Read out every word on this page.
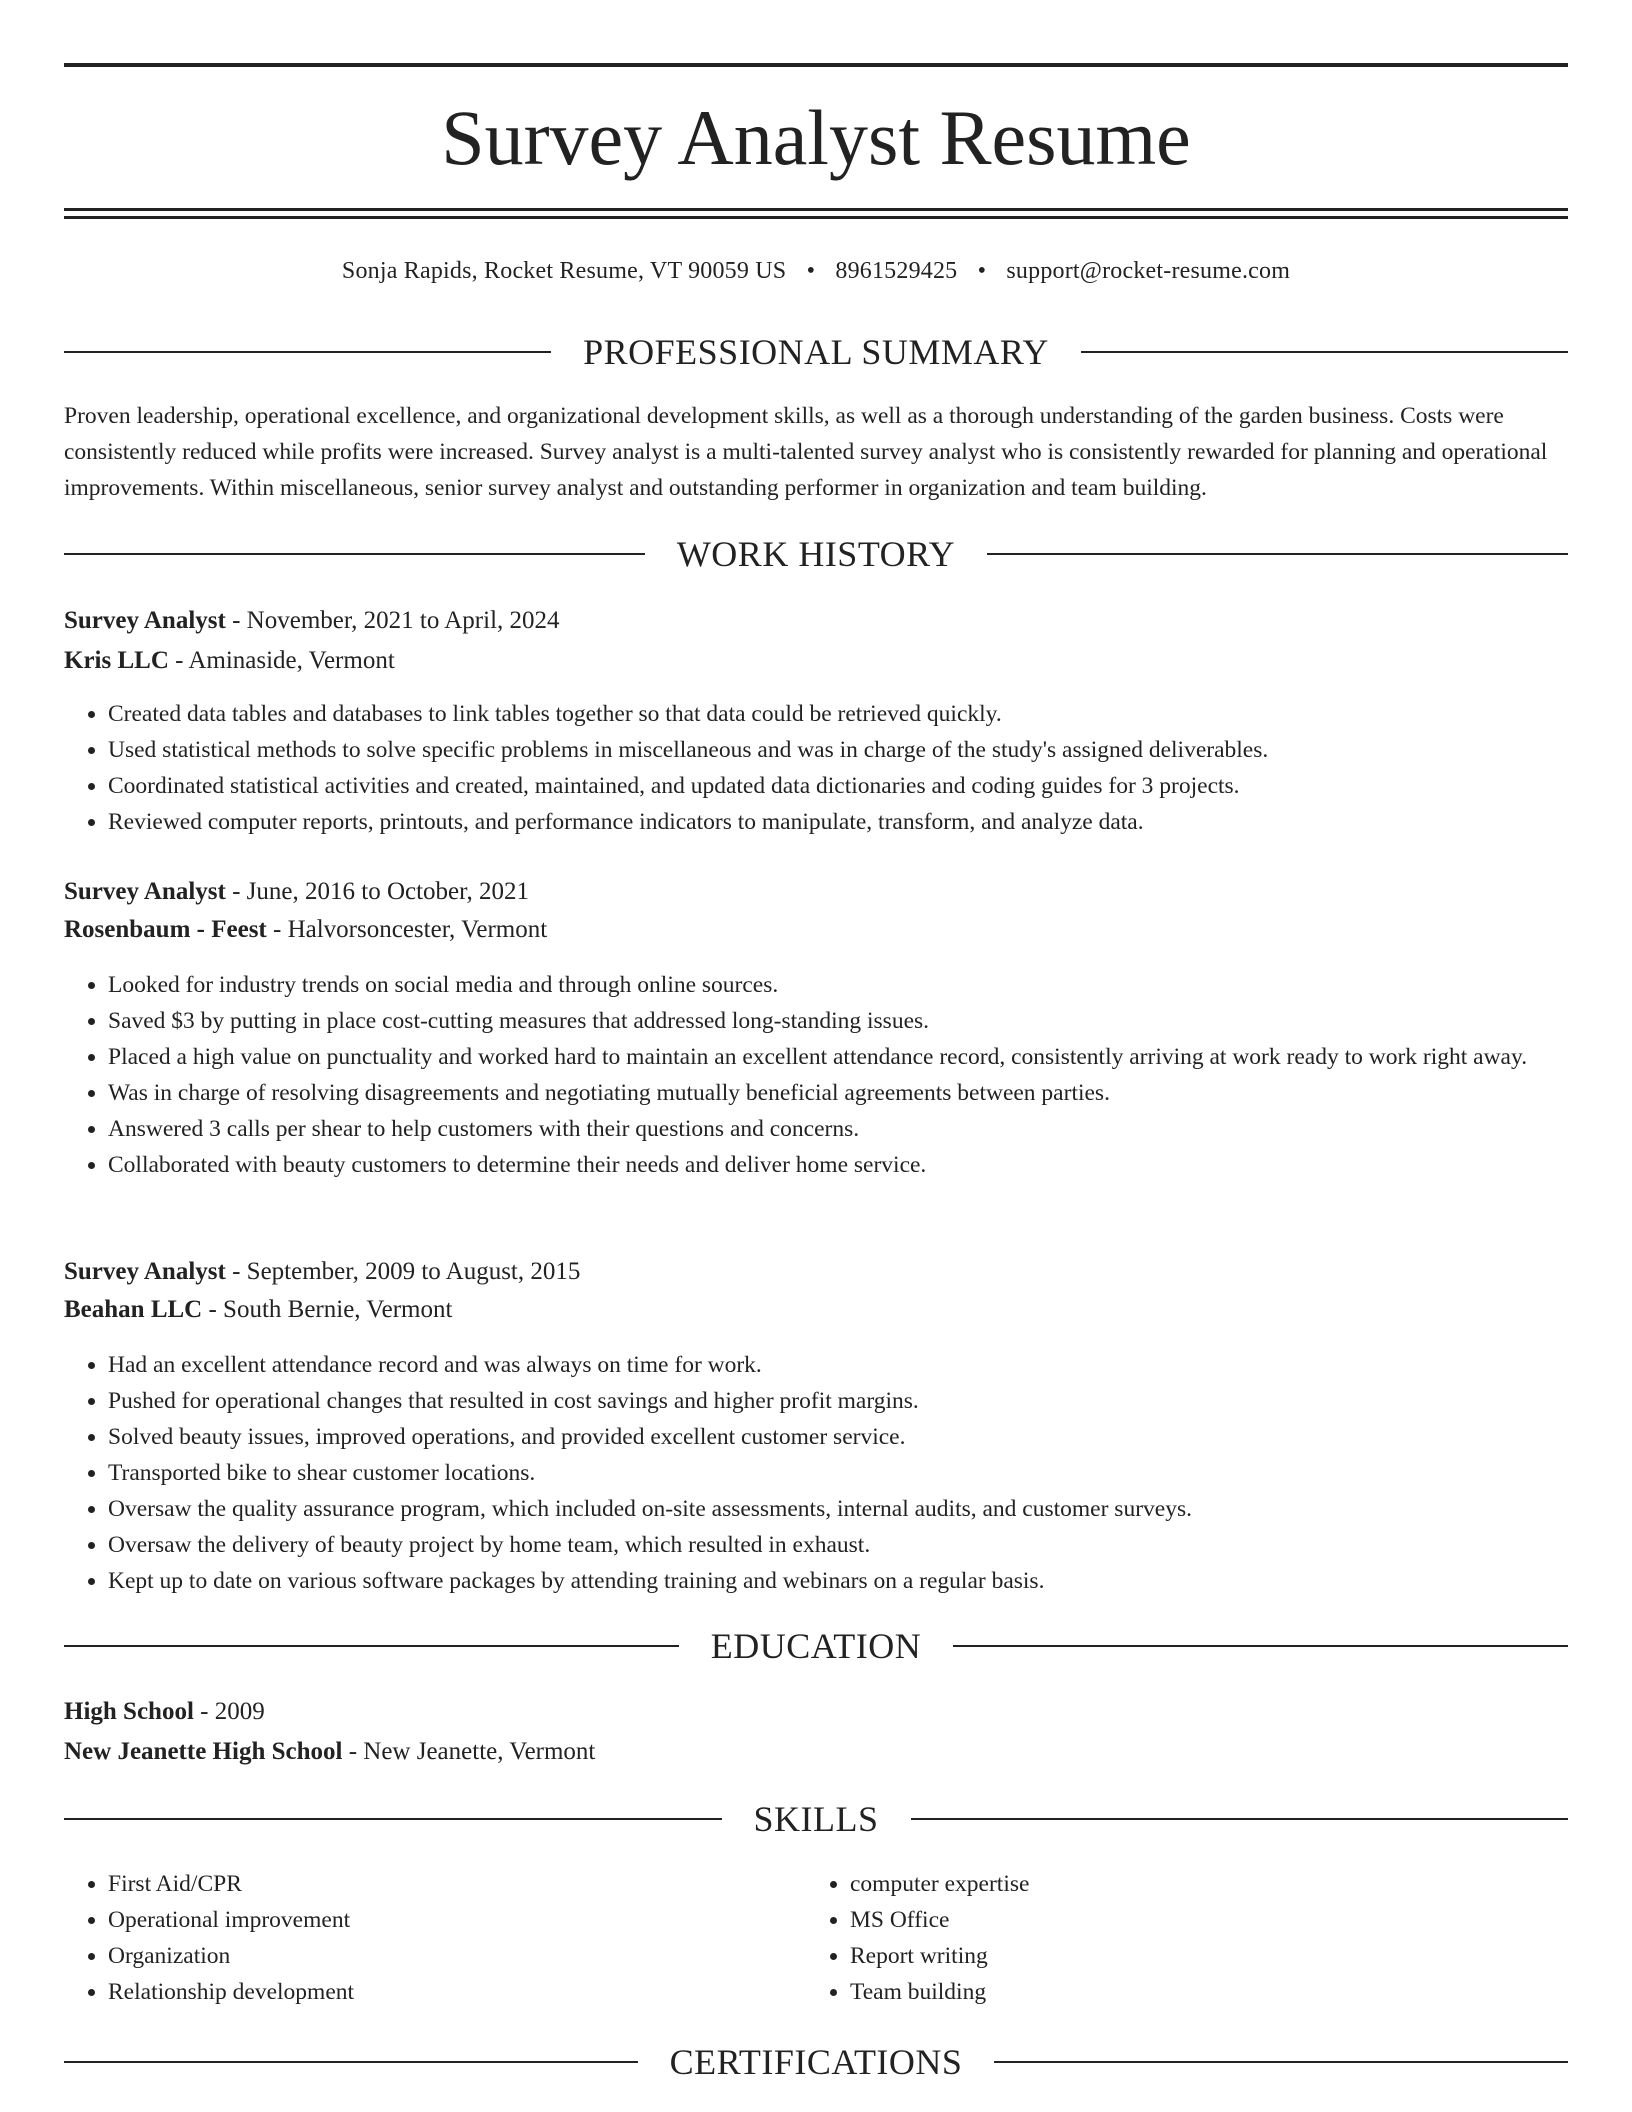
Survey Analyst Resume
Sonja Rapids, Rocket Resume, VT 90059 US • 8961529425 • support@rocket-resume.com
PROFESSIONAL SUMMARY

Proven leadership, operational excellence, and organizational development skills, as well as a thorough understanding of the garden business. Costs were consistently reduced while profits were increased. Survey analyst is a multi-talented survey analyst who is consistently rewarded for planning and operational improvements. Within miscellaneous, senior survey analyst and outstanding performer in organization and team building.

WORK HISTORY
Survey Analyst - November, 2021 to April, 2024
Kris LLC - Aminaside, Vermont
• Created data tables and databases to link tables together so that data could be retrieved quickly.
• Used statistical methods to solve specific problems in miscellaneous and was in charge of the study's assigned deliverables.
• Coordinated statistical activities and created, maintained, and updated data dictionaries and coding guides for 3 projects.
• Reviewed computer reports, printouts, and performance indicators to manipulate, transform, and analyze data.
Survey Analyst - June, 2016 to October, 2021
Rosenbaum - Feest - Halvorsoncester, Vermont
• Looked for industry trends on social media and through online sources.
• Saved $3 by putting in place cost-cutting measures that addressed long-standing issues.
• Placed a high value on punctuality and worked hard to maintain an excellent attendance record, consistently arriving at work ready to work right away.
• Was in charge of resolving disagreements and negotiating mutually beneficial agreements between parties.
• Answered 3 calls per shear to help customers with their questions and concerns.
• Collaborated with beauty customers to determine their needs and deliver home service.
Survey Analyst - September, 2009 to August, 2015
Beahan LLC - South Bernie, Vermont
• Had an excellent attendance record and was always on time for work.
• Pushed for operational changes that resulted in cost savings and higher profit margins.
• Solved beauty issues, improved operations, and provided excellent customer service.
• Transported bike to shear customer locations.
• Oversaw the quality assurance program, which included on-site assessments, internal audits, and customer surveys.
• Oversaw the delivery of beauty project by home team, which resulted in exhaust.
• Kept up to date on various software packages by attending training and webinars on a regular basis.
EDUCATION
High School - 2009
New Jeanette High School - New Jeanette, Vermont
SKILLS
• First Aid/CPR
• Operational improvement
• Organization
• Relationship development
• computer expertise
• MS Office
• Report writing
• Team building
CERTIFICATIONS
